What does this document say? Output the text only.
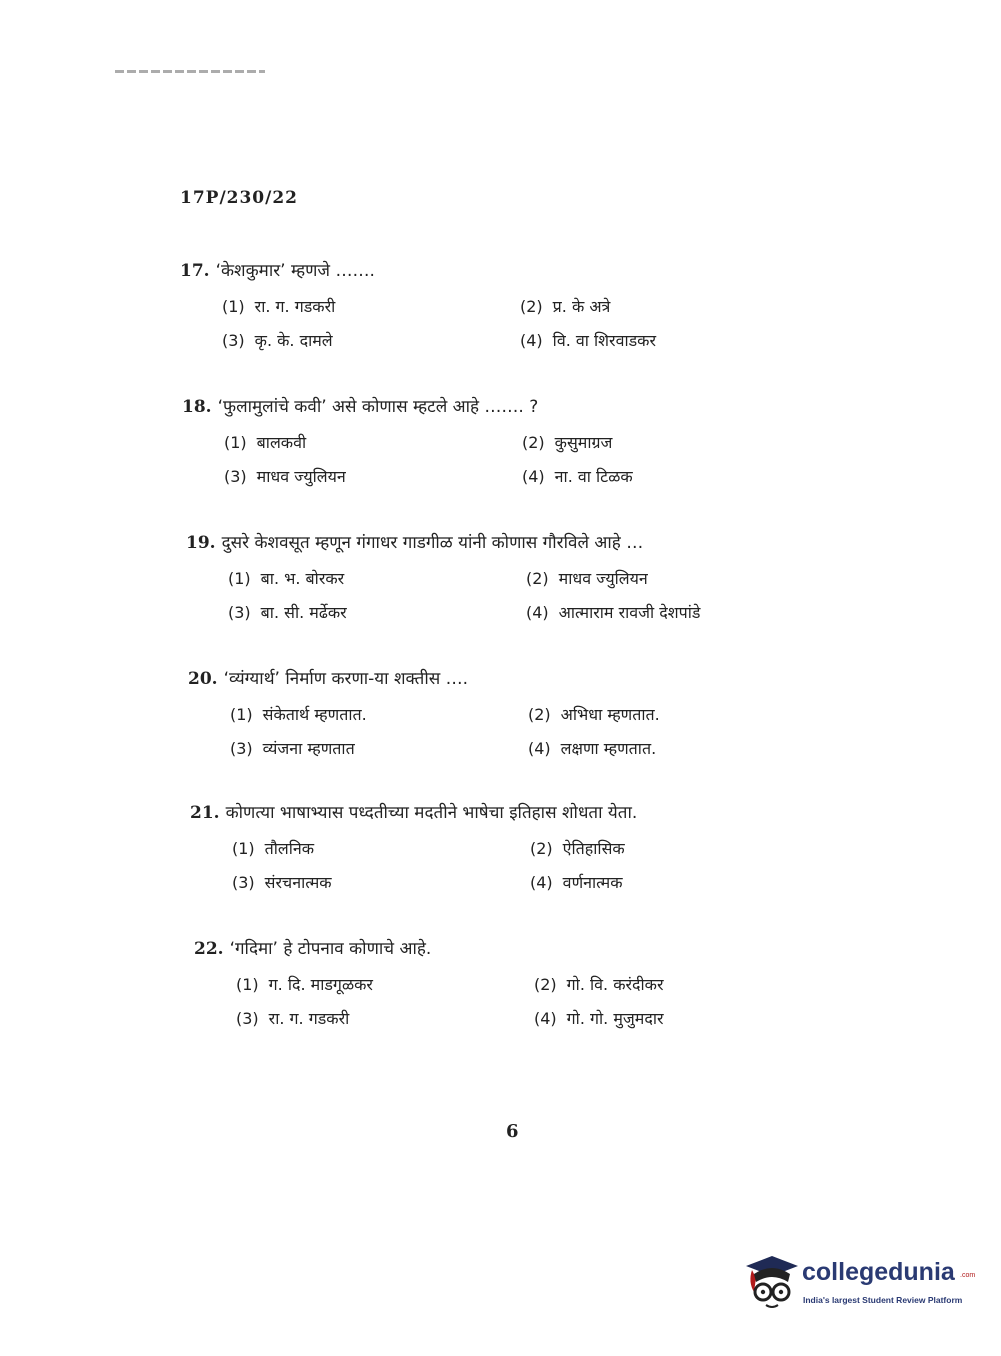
17P/230/22
17. ‘केशकुमार’ म्हणजे …….
(1) रा. ग. गडकरी	(2) प्र. के अत्रे
(3) कृ. के. दामले	(4) वि. वा शिरवाडकर
18. ‘फुलामुलांचे कवी’ असे कोणास म्हटले आहे ……. ?
(1) बालकवी	(2) कुसुमाग्रज
(3) माधव ज्युलियन	(4) ना. वा टिळक
19. दुसरे केशवसूत म्हणून गंगाधर गाडगीळ यांनी कोणास गौरविले आहे …
(1) बा. भ. बोरकर	(2) माधव ज्युलियन
(3) बा. सी. मर्ढेकर	(4) आत्माराम रावजी देशपांडे
20. ‘व्यंग्यार्थ’ निर्माण करणा-या शक्तीस ….
(1) संकेतार्थ म्हणतात.	(2) अभिधा म्हणतात.
(3) व्यंजना म्हणतात	(4) लक्षणा म्हणतात.
21. कोणत्या भाषाभ्यास पध्दतीच्या मदतीने भाषेचा इतिहास शोधता येता.
(1) तौलनिक	(2) ऐतिहासिक
(3) संरचनात्मक	(4) वर्णनात्मक
22. ‘गदिमा’ हे टोपनाव कोणाचे आहे.
(1) ग. दि. माडगूळकर	(2) गो. वि. करंदीकर
(3) रा. ग. गडकरी	(4) गो. गो. मुजुमदार
6
collegedunia .com
India's largest Student Review Platform
